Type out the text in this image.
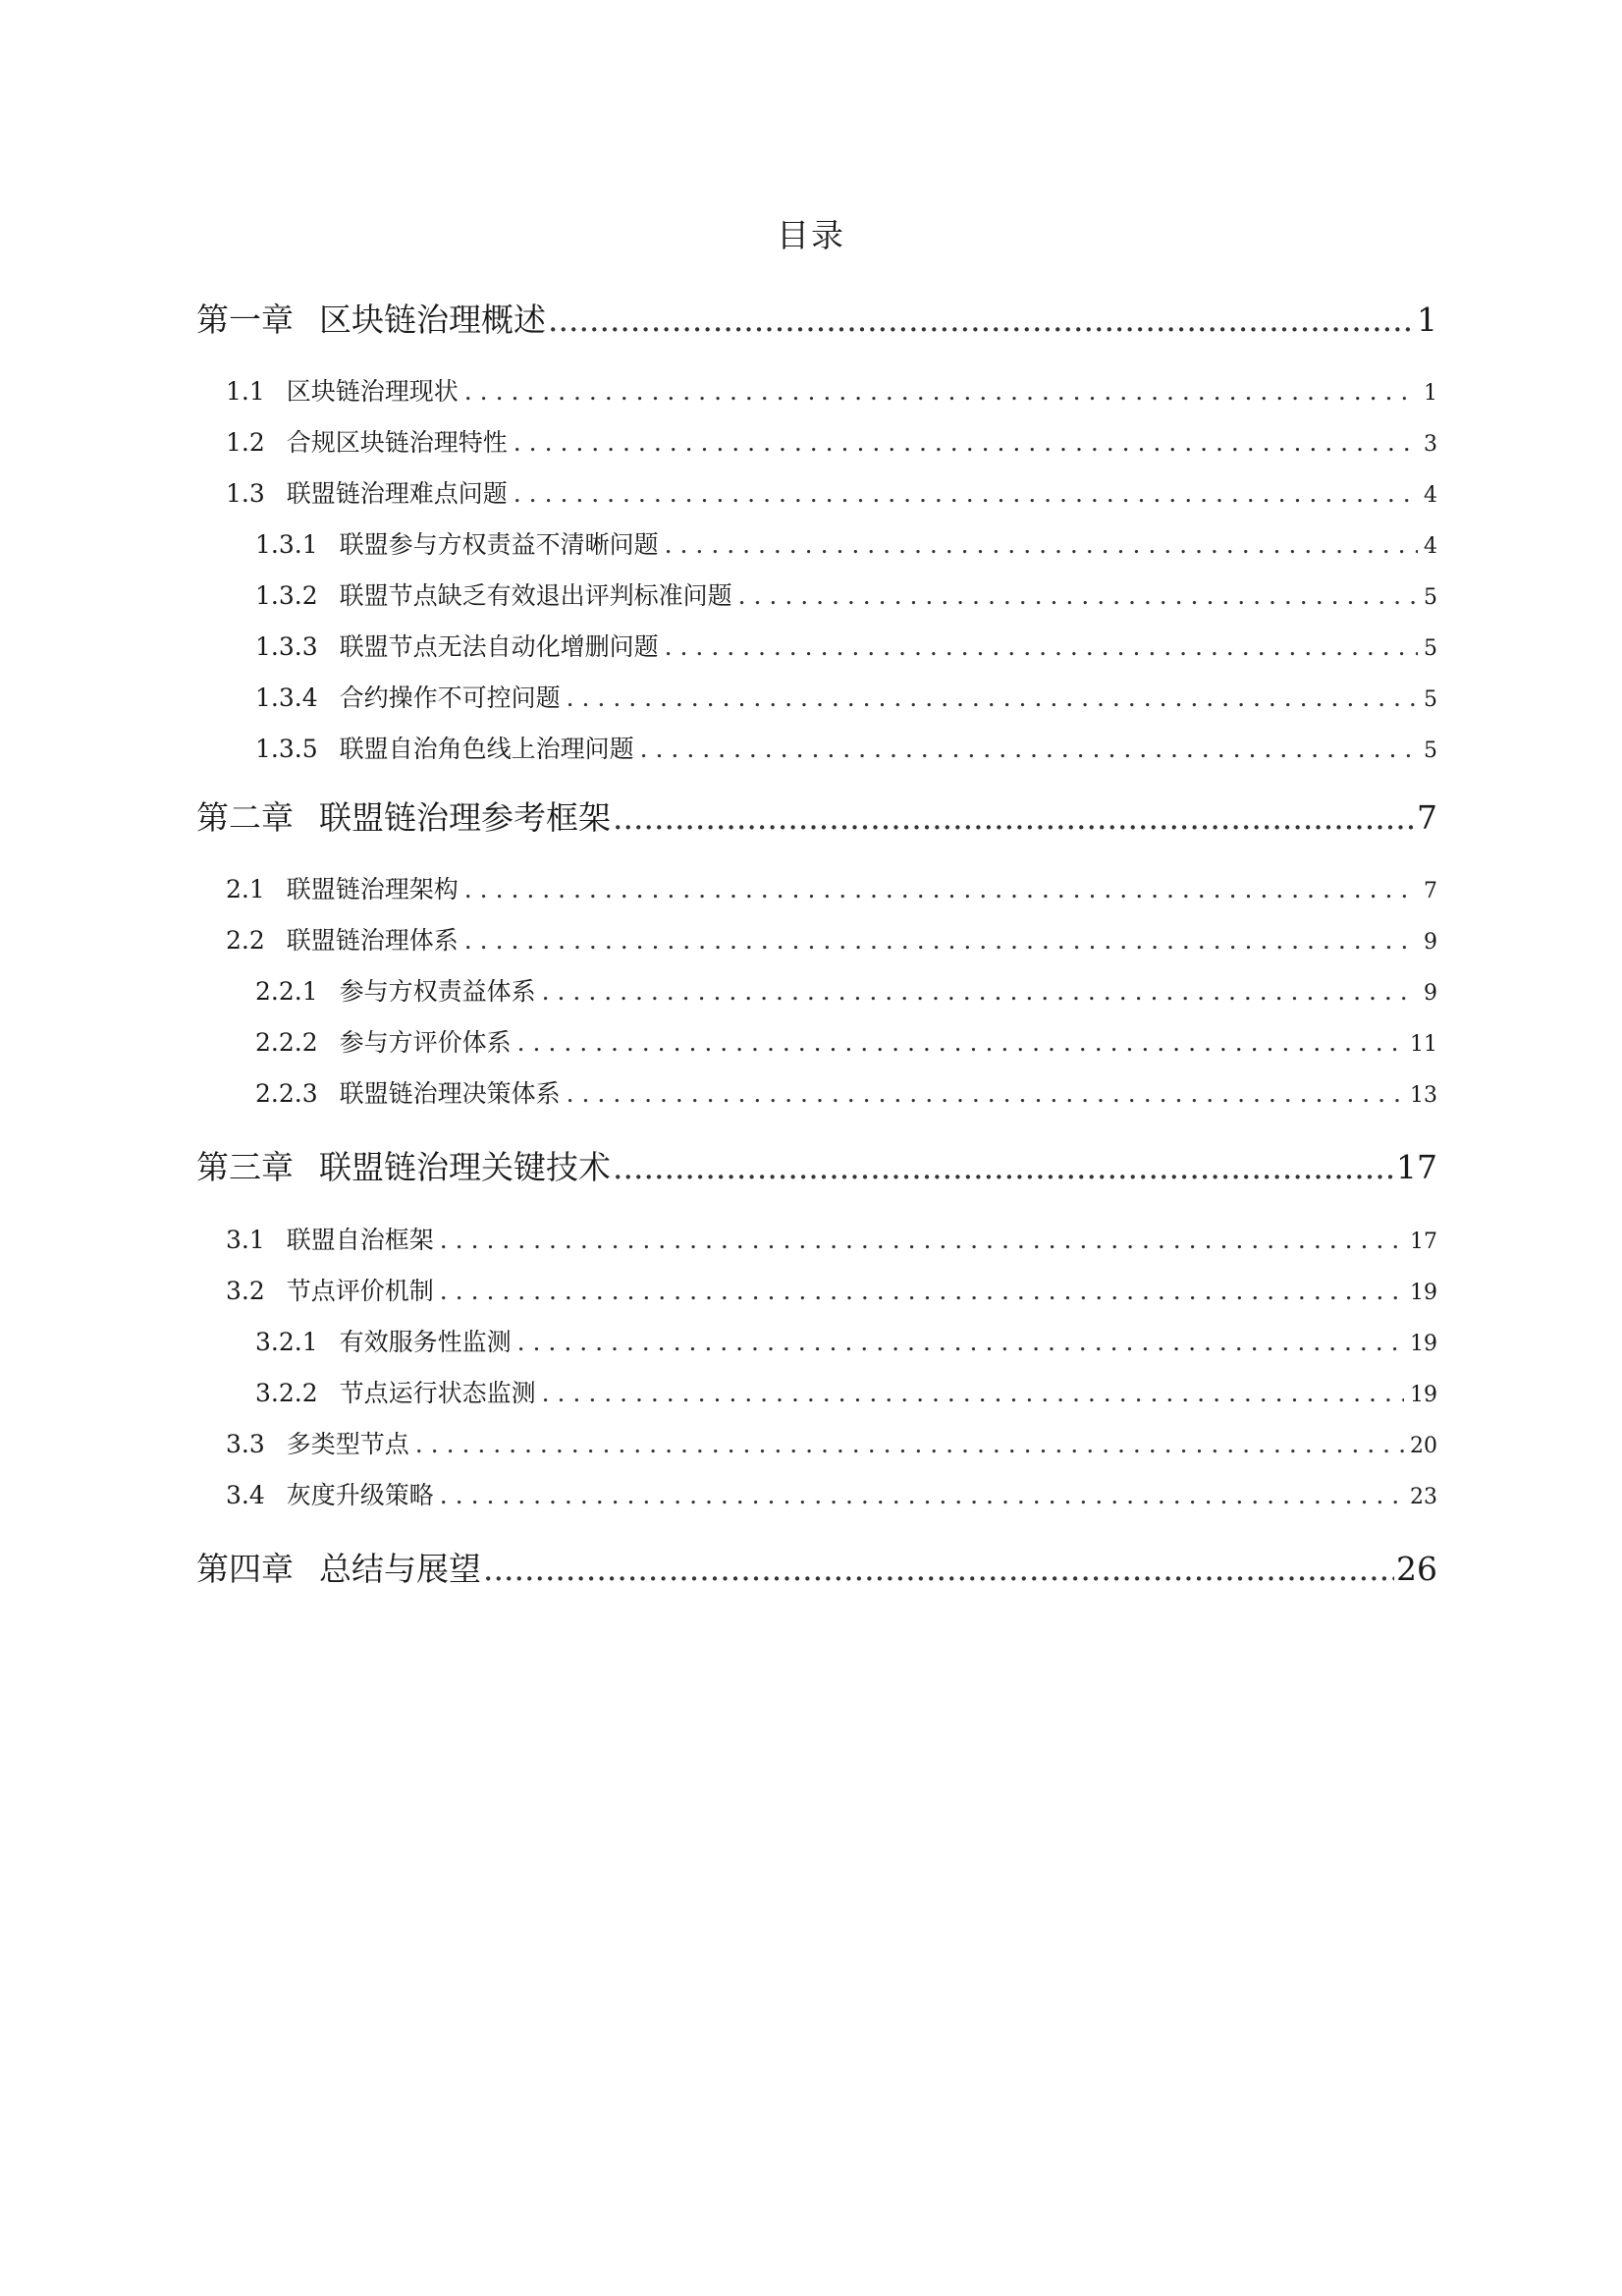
目录
第一章 区块链治理概述 .....	1
1.1 区块链治理现状 . . .	1
1.2 合规区块链治理特性 . . .	3
1.3 联盟链治理难点问题 . . .	4
1.3.1 联盟参与方权责益不清晰问题 . . .	4
1.3.2 联盟节点缺乏有效退出评判标准问题 . . .	5
1.3.3 联盟节点无法自动化增删问题 . . .	5
1.3.4 合约操作不可控问题 . . .	5
1.3.5 联盟自治角色线上治理问题 . . .	5
第二章 联盟链治理参考框架 .....	7
2.1 联盟链治理架构 . . .	7
2.2 联盟链治理体系 . . .	9
2.2.1 参与方权责益体系 . . .	9
2.2.2 参与方评价体系 . . .	11
2.2.3 联盟链治理决策体系 . . .	13
第三章 联盟链治理关键技术 .....	17
3.1 联盟自治框架 . . .	17
3.2 节点评价机制 . . .	19
3.2.1 有效服务性监测 . . .	19
3.2.2 节点运行状态监测 . . .	19
3.3 多类型节点 . . .	20
3.4 灰度升级策略 . . .	23
第四章 总结与展望 .....	26
